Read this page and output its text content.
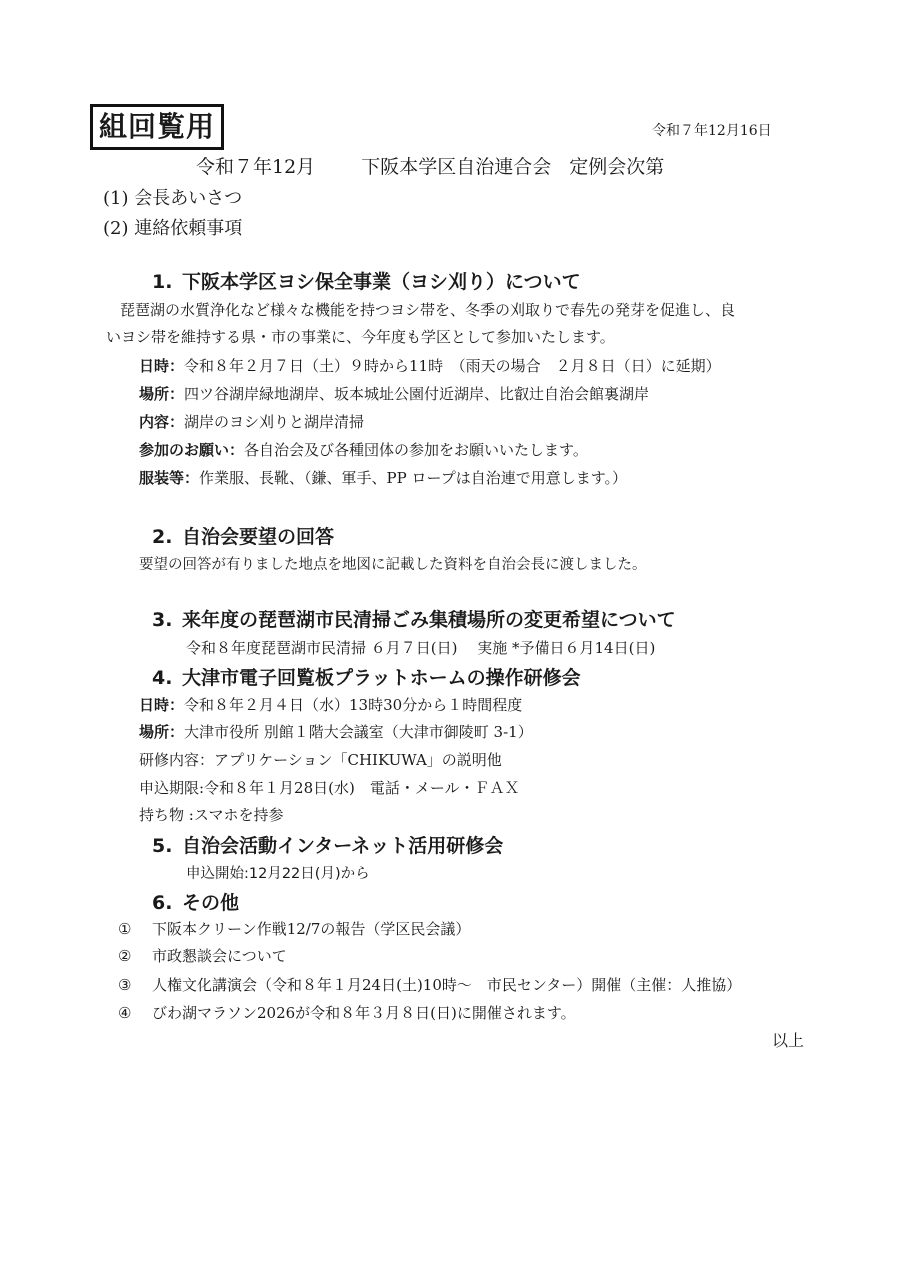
組回覧用	令和７年12月16日
令和７年12月 下阪本学区自治連合会 定例会次第
(1) 会長あいさつ
(2) 連絡依頼事項
1. 下阪本学区ヨシ保全事業（ヨシ刈り）について
琵琶湖の水質浄化など様々な機能を持つヨシ帯を、冬季の刈取りで春先の発芽を促進し、良
いヨシ帯を維持する県・市の事業に、今年度も学区として参加いたします。
日時：令和８年２月７日（土）９時から11時　（雨天の場合　２月８日（日）に延期）
場所：四ツ谷湖岸緑地湖岸、坂本城址公園付近湖岸、比叡辻自治会館裏湖岸
内容：湖岸のヨシ刈りと湖岸清掃
参加のお願い：各自治会及び各種団体の参加をお願いいたします。
服装等：作業服、長靴、（鎌、軍手、PP ロープは自治連で用意します。）
2. 自治会要望の回答
要望の回答が有りました地点を地図に記載した資料を自治会長に渡しました。
3. 来年度の琵琶湖市民清掃ごみ集積場所の変更希望について
令和８年度琵琶湖市民清掃 ６月７日(日)　 実施 *予備日６月14日(日)
4. 大津市電子回覧板プラットホームの操作研修会
日時：令和８年２月４日（水）13時30分から１時間程度
場所：大津市役所 別館１階大会議室（大津市御陵町 3-1）
研修内容：アプリケーション「CHIKUWA」の説明他
申込期限:令和８年１月28日(水)　電話・メール・ＦＡＸ
持ち物 :スマホを持参
5. 自治会活動インターネット活用研修会
申込開始:12月22日(月)から
6. その他
① 下阪本クリーン作戦12/7の報告（学区民会議）
② 市政懇談会について
③ 人権文化講演会（令和８年１月24日(土)10時～　市民センター）開催（主催：人推協）
④ びわ湖マラソン2026が令和８年３月８日(日)に開催されます。
以上
